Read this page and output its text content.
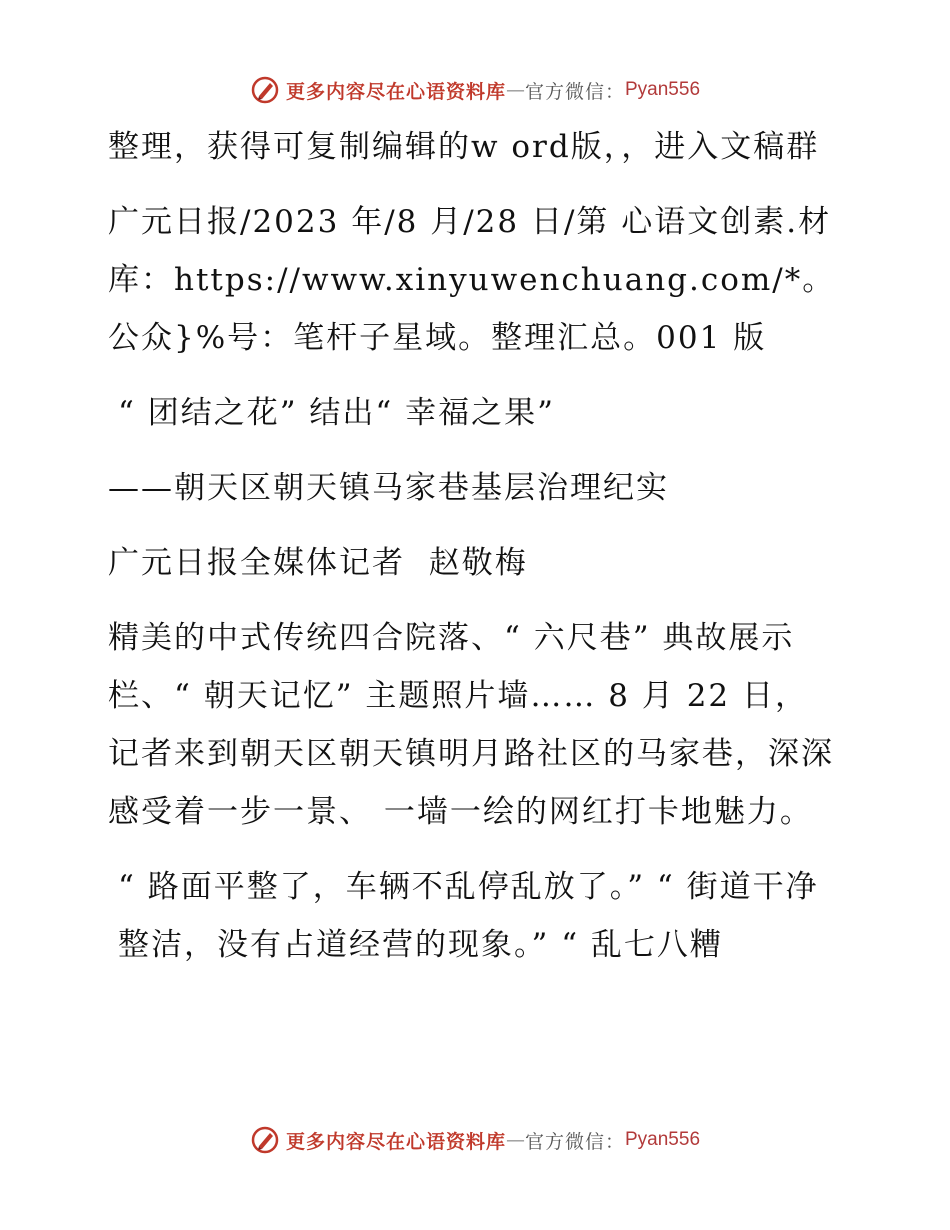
更多内容尽在心语资料库 — 官方微信： Pyan556

整理，获得可复制编辑的w ord版，，进入文稿群

广元日报/2023 年/8 月/28 日/第 心语文创素.材库：https://www.xinyuwenchuang.com/*。公众}%号：笔杆子星域。整理汇总。001 版

“ 团结之花” 结出“ 幸福之果”

——朝天区朝天镇马家巷基层治理纪实

广元日报全媒体记者  赵敬梅

精美的中式传统四合院落、“ 六尺巷” 典故展示栏、“ 朝天记忆” 主题照片墙…… 8 月 22 日，记者来到朝天区朝天镇明月路社区的马家巷，深深感受着一步一景、 一墙一绘的网红打卡地魅力。

“ 路面平整了，车辆不乱停乱放了。” “ 街道干净整洁，没有占道经营的现象。” “ 乱七八糟

更多内容尽在心语资料库 — 官方微信： Pyan556
